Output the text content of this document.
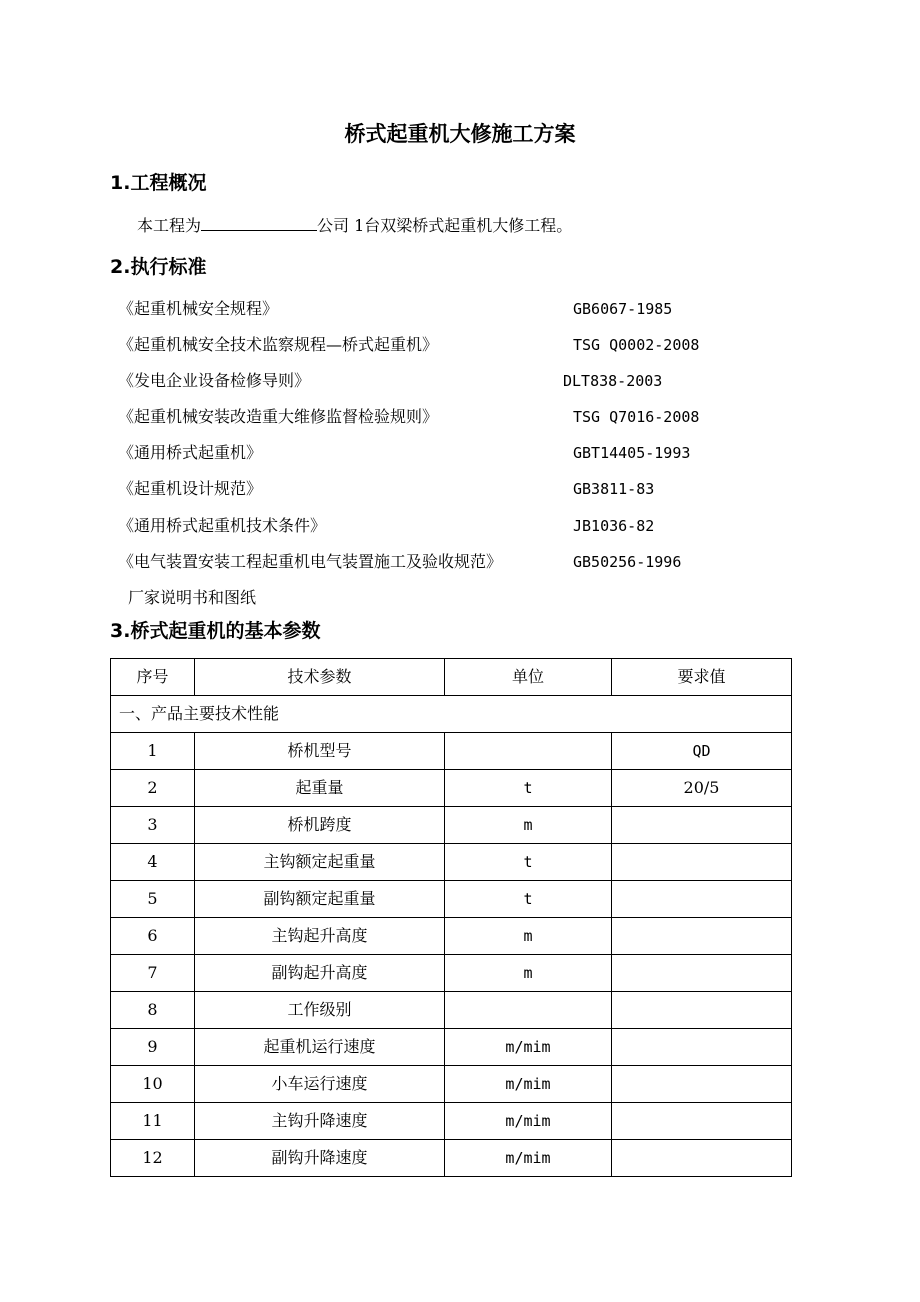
桥式起重机大修施工方案
1.工程概况
本工程为	公司 1台双梁桥式起重机大修工程。
2.执行标准
《起重机械安全规程》	GB6067-1985
《起重机械安全技术监察规程—桥式起重机》	TSG Q0002-2008
《发电企业设备检修导则》	DLT838-2003
《起重机械安装改造重大维修监督检验规则》	TSG Q7016-2008
《通用桥式起重机》	GBT14405-1993
《起重机设计规范》	GB3811-83
《通用桥式起重机技术条件》	JB1036-82
《电气装置安装工程起重机电气装置施工及验收规范》	GB50256-1996
厂家说明书和图纸
3.桥式起重机的基本参数
序号	技术参数	单位	要求值
一、产品主要技术性能			
1	桥机型号		QD
2	起重量	t	20/5
3	桥机跨度	m	
4	主钩额定起重量	t	
5	副钩额定起重量	t	
6	主钩起升高度	m	
7	副钩起升高度	m	
8	工作级别		
9	起重机运行速度	m/mim	
10	小车运行速度	m/mim	
11	主钩升降速度	m/mim	
12	副钩升降速度	m/mim	
